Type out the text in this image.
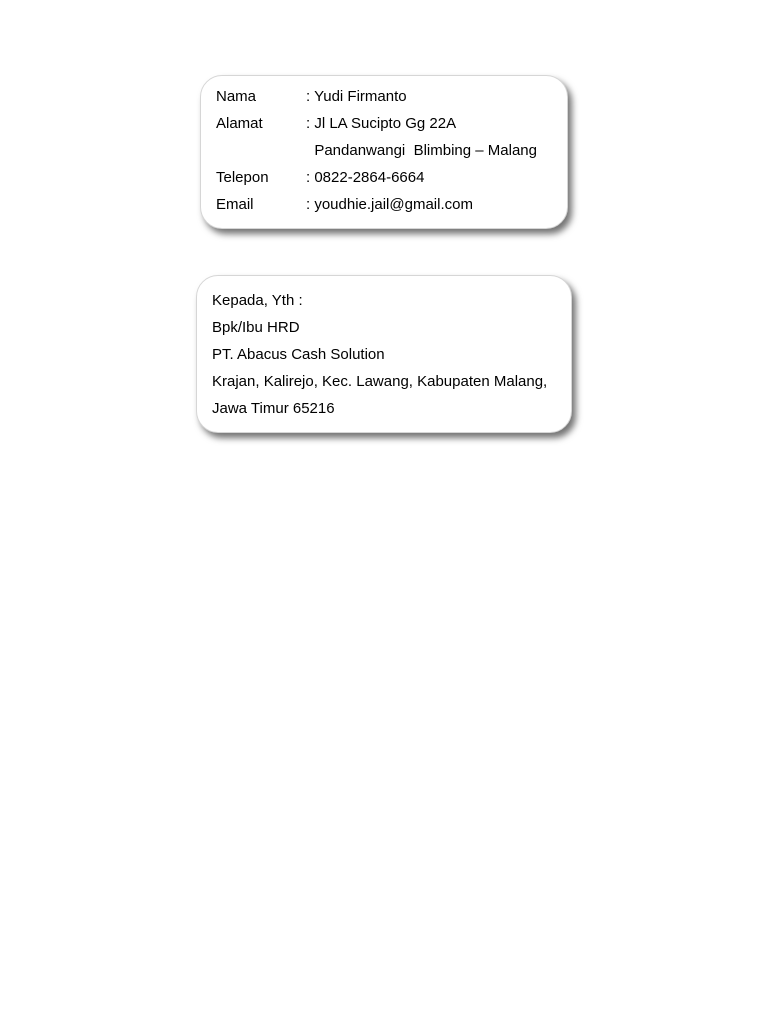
Nama	: Yudi Firmanto
Alamat	: Jl LA Sucipto Gg 22A
Pandanwangi  Blimbing – Malang
Telepon : 0822-2864-6664
Email	: youdhie.jail@gmail.com
Kepada, Yth :
Bpk/Ibu HRD
PT. Abacus Cash Solution
Krajan, Kalirejo, Kec. Lawang, Kabupaten Malang,
Jawa Timur 65216
